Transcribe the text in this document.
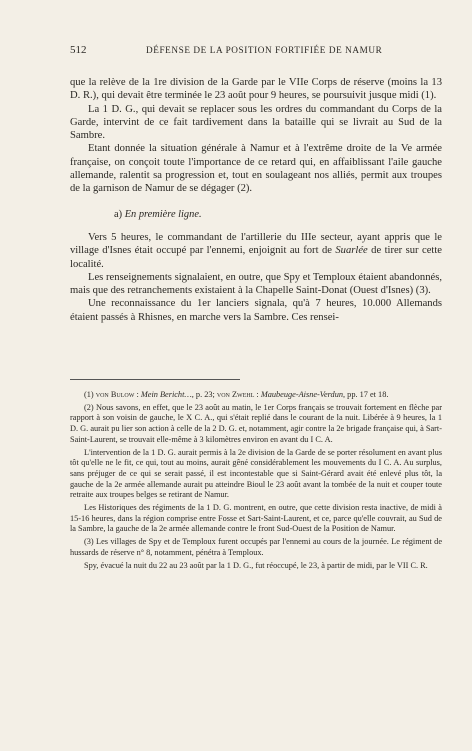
512	DÉFENSE DE LA POSITION FORTIFIÉE DE NAMUR

que la relève de la 1re division de la Garde par le VIIe Corps de réserve (moins la 13 D. R.), qui devait être terminée le 23 août pour 9 heures, se poursuivit jusque midi (1).

La 1 D. G., qui devait se replacer sous les ordres du commandant du Corps de la Garde, intervint de ce fait tardivement dans la bataille qui se livrait au Sud de la Sambre.

Etant donnée la situation générale à Namur et à l'extrême droite de la Ve armée française, on conçoit toute l'importance de ce retard qui, en affaiblissant l'aile gauche allemande, ralentit sa progression et, tout en soulageant nos alliés, permit aux troupes de la garnison de Namur de se dégager (2).

a) En première ligne.

Vers 5 heures, le commandant de l'artillerie du IIIe secteur, ayant appris que le village d'Isnes était occupé par l'ennemi, enjoignit au fort de Suarlée de tirer sur cette localité.

Les renseignements signalaient, en outre, que Spy et Temploux étaient abandonnés, mais que des retranchements existaient à la Chapelle Saint-Donat (Ouest d'Isnes) (3).

Une reconnaissance du 1er lanciers signala, qu'à 7 heures, 10.000 Allemands étaient passés à Rhisnes, en marche vers la Sambre. Ces rensei-

(1) von Bulow : Mein Bericht…, p. 23; von Zwehl : Maubeuge-Aisne-Verdun, pp. 17 et 18.

(2) Nous savons, en effet, que le 23 août au matin, le 1er Corps français se trouvait fortement en flèche par rapport à son voisin de gauche, le X C. A., qui s'était replié dans le courant de la nuit. Libérée à 9 heures, la 1 D. G. aurait pu lier son action à celle de la 2 D. G. et, notamment, agir contre la 2e brigade française qui, à Sart-Saint-Laurent, se trouvait elle-même à 3 kilomètres environ en avant du I C. A.

L'intervention de la 1 D. G. aurait permis à la 2e division de la Garde de se porter résolument en avant plus tôt qu'elle ne le fit, ce qui, tout au moins, aurait gêné considérablement les mouvements du I C. A. Au surplus, sans préjuger de ce qui se serait passé, il est incontestable que si Saint-Gérard avait été enlevé plus tôt, la gauche de la 2e armée allemande aurait pu atteindre Bioul le 23 août avant la tombée de la nuit et couper toute retraite aux troupes belges se retirant de Namur.

Les Historiques des régiments de la 1 D. G. montrent, en outre, que cette division resta inactive, de midi à 15-16 heures, dans la région comprise entre Fosse et Sart-Saint-Laurent, et ce, parce qu'elle couvrait, au Sud de la Sambre, la gauche de la 2e armée allemande contre le front Sud-Ouest de la Position de Namur.

(3) Les villages de Spy et de Temploux furent occupés par l'ennemi au cours de la journée. Le régiment de hussards de réserve n° 8, notamment, pénétra à Temploux.

Spy, évacué la nuit du 22 au 23 août par la 1 D. G., fut réoccupé, le 23, à partir de midi, par le VII C. R.
